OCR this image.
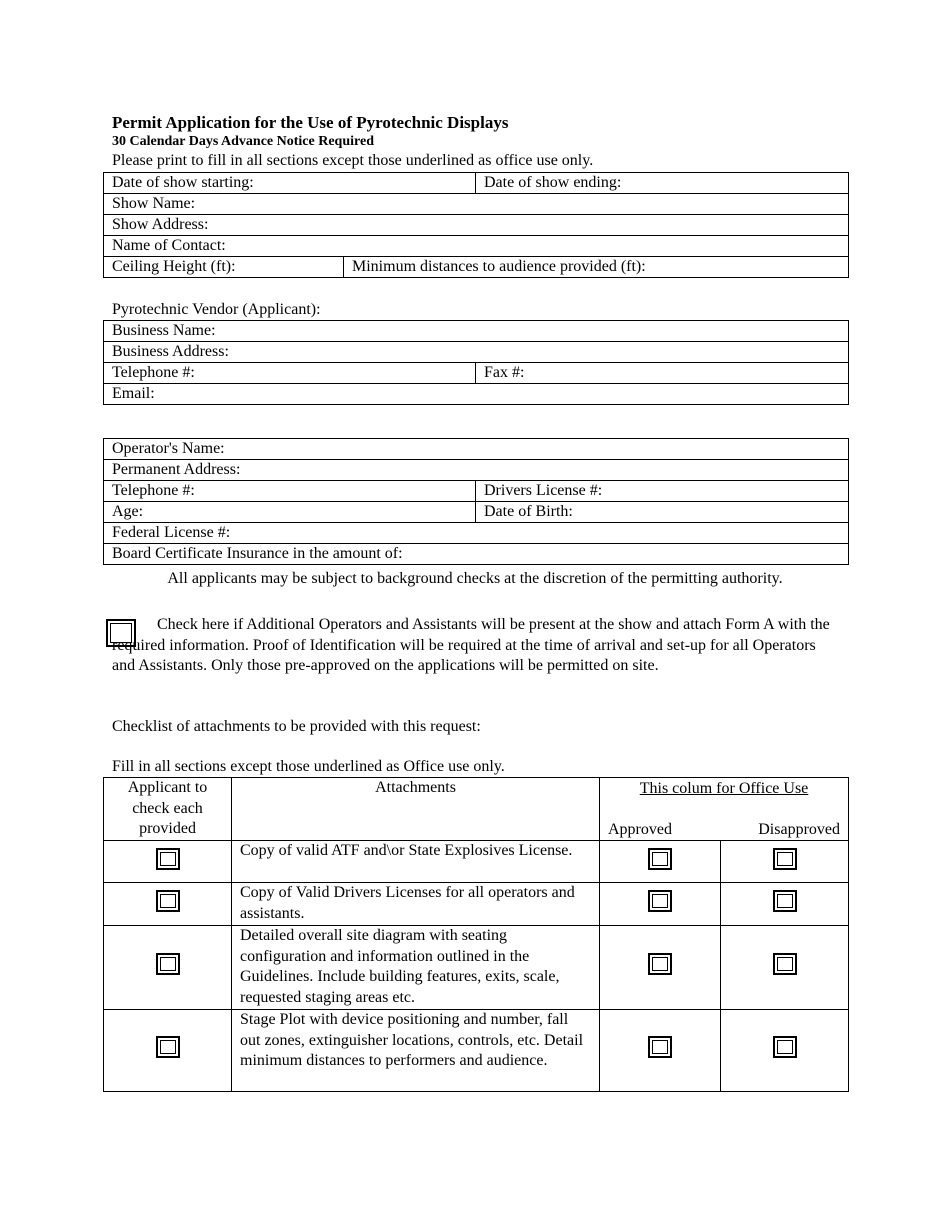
Permit Application for the Use of Pyrotechnic Displays
30 Calendar Days Advance Notice Required
Please print to fill in all sections except those underlined as office use only.
Date of show starting:		Date of show ending:
Show Name:		
Show Address:		
Name of Contact:		
Ceiling Height (ft):	Minimum distances to audience provided (ft):	
Pyrotechnic Vendor (Applicant):
Business Name:
Business Address:
Telephone #:	Fax #:
Email:
Operator's Name:	
Permanent Address:	
Telephone #:	Drivers License #:
Age:	Date of Birth:
Federal License #:	
Board Certificate Insurance in the amount of:	
All applicants may be subject to background checks at the discretion of the permitting authority.
Check here if Additional Operators and Assistants will be present at the show and attach Form A with the required information. Proof of Identification will be required at the time of arrival and set-up for all Operators and Assistants. Only those pre-approved on the applications will be permitted on site.
Checklist of attachments to be provided with this request:
Fill in all sections except those underlined as Office use only.
Applicant to check each provided	Attachments	This colum for Office Use
Approved Disapproved	

	Copy of valid ATF and\or State Explosives License.		
	Copy of Valid Drivers Licenses for all operators and assistants.		
	Detailed overall site diagram with seating configuration and information outlined in the Guidelines. Include building features, exits, scale, requested staging areas etc.		
	Stage Plot with device positioning and number, fall out zones, extinguisher locations, controls, etc. Detail minimum distances to performers and audience.		
